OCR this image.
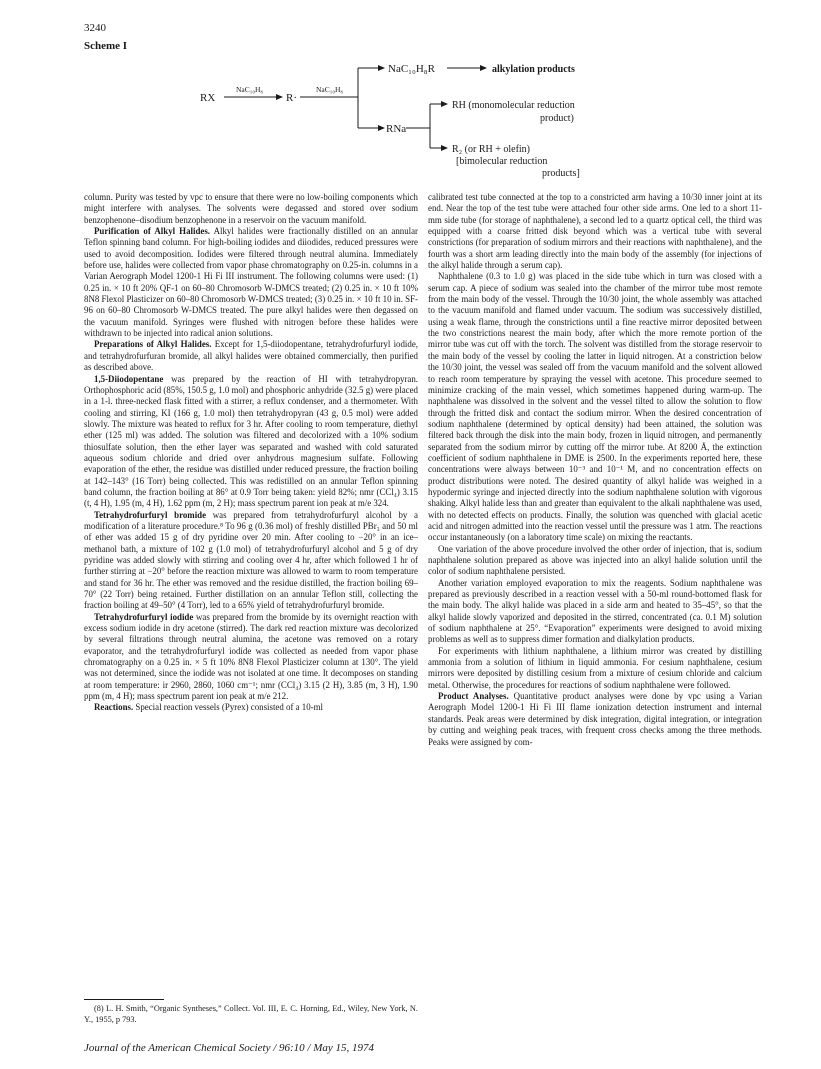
3240
Scheme I
RX
NaC₁₀H₈
R·
NaC₁₀H₈
NaC₁₀H₈R	alkylation products
RNa
RH (monomolecular reduction
product)
R₂ (or RH + olefin)
[bimolecular reduction
products]

column. Purity was tested by vpc to ensure that there were no low-boiling components which might interfere with analyses. The solvents were degassed and stored over sodium benzophenone–disodium benzophenone in a reservoir on the vacuum manifold.

Purification of Alkyl Halides. Alkyl halides were fractionally distilled on an annular Teflon spinning band column. For high-boiling iodides and diiodides, reduced pressures were used to avoid decomposition. Iodides were filtered through neutral alumina. Immediately before use, halides were collected from vapor phase chromatography on 0.25-in. columns in a Varian Aerograph Model 1200-1 Hi Fi III instrument. The following columns were used: (1) 0.25 in. × 10 ft 20% QF-1 on 60–80 Chromosorb W-DMCS treated; (2) 0.25 in. × 10 ft 10% 8N8 Flexol Plasticizer on 60–80 Chromosorb W-DMCS treated; (3) 0.25 in. × 10 ft 10 in. SF-96 on 60–80 Chromosorb W-DMCS treated. The pure alkyl halides were then degassed on the vacuum manifold. Syringes were flushed with nitrogen before these halides were withdrawn to be injected into radical anion solutions.

Preparations of Alkyl Halides. Except for 1,5-diiodopentane, tetrahydrofurfuryl iodide, and tetrahydrofurfuran bromide, all alkyl halides were obtained commercially, then purified as described above.

1,5-Diiodopentane was prepared by the reaction of HI with tetrahydropyran. Orthophosphoric acid (85%, 150.5 g, 1.0 mol) and phosphoric anhydride (32.5 g) were placed in a 1-l. three-necked flask fitted with a stirrer, a reflux condenser, and a thermometer. With cooling and stirring, KI (166 g, 1.0 mol) then tetrahydropyran (43 g, 0.5 mol) were added slowly. The mixture was heated to reflux for 3 hr. After cooling to room temperature, diethyl ether (125 ml) was added. The solution was filtered and decolorized with a 10% sodium thiosulfate solution, then the ether layer was separated and washed with cold saturated aqueous sodium chloride and dried over anhydrous magnesium sulfate. Following evaporation of the ether, the residue was distilled under reduced pressure, the fraction boiling at 142–143° (16 Torr) being collected. This was redistilled on an annular Teflon spinning band column, the fraction boiling at 86° at 0.9 Torr being taken: yield 82%; nmr (CCl₄) 3.15 (t, 4 H), 1.95 (m, 4 H), 1.62 ppm (m, 2 H); mass spectrum parent ion peak at m/e 324.

Tetrahydrofurfuryl bromide was prepared from tetrahydrofurfuryl alcohol by a modification of a literature procedure.⁸ To 96 g (0.36 mol) of freshly distilled PBr₃ and 50 ml of ether was added 15 g of dry pyridine over 20 min. After cooling to −20° in an ice–methanol bath, a mixture of 102 g (1.0 mol) of tetrahydrofurfuryl alcohol and 5 g of dry pyridine was added slowly with stirring and cooling over 4 hr, after which followed 1 hr of further stirring at −20° before the reaction mixture was allowed to warm to room temperature and stand for 36 hr. The ether was removed and the residue distilled, the fraction boiling 69–70° (22 Torr) being retained. Further distillation on an annular Teflon still, collecting the fraction boiling at 49–50° (4 Torr), led to a 65% yield of tetrahydrofurfuryl bromide.

Tetrahydrofurfuryl iodide was prepared from the bromide by its overnight reaction with excess sodium iodide in dry acetone (stirred). The dark red reaction mixture was decolorized by several filtrations through neutral alumina, the acetone was removed on a rotary evaporator, and the tetrahydrofurfuryl iodide was collected as needed from vapor phase chromatography on a 0.25 in. × 5 ft 10% 8N8 Flexol Plasticizer column at 130°. The yield was not determined, since the iodide was not isolated at one time. It decomposes on standing at room temperature: ir 2960, 2860, 1060 cm⁻¹; nmr (CCl₄) 3.15 (2 H), 3.85 (m, 3 H), 1.90 ppm (m, 4 H); mass spectrum parent ion peak at m/e 212.

Reactions. Special reaction vessels (Pyrex) consisted of a 10-ml

calibrated test tube connected at the top to a constricted arm having a 10/30 inner joint at its end. Near the top of the test tube were attached four other side arms. One led to a short 11-mm side tube (for storage of naphthalene), a second led to a quartz optical cell, the third was equipped with a coarse fritted disk beyond which was a vertical tube with several constrictions (for preparation of sodium mirrors and their reactions with naphthalene), and the fourth was a short arm leading directly into the main body of the assembly (for injections of the alkyl halide through a serum cap).

Naphthalene (0.3 to 1.0 g) was placed in the side tube which in turn was closed with a serum cap. A piece of sodium was sealed into the chamber of the mirror tube most remote from the main body of the vessel. Through the 10/30 joint, the whole assembly was attached to the vacuum manifold and flamed under vacuum. The sodium was successively distilled, using a weak flame, through the constrictions until a fine reactive mirror deposited between the two constrictions nearest the main body, after which the more remote portion of the mirror tube was cut off with the torch. The solvent was distilled from the storage reservoir to the main body of the vessel by cooling the latter in liquid nitrogen. At a constriction below the 10/30 joint, the vessel was sealed off from the vacuum manifold and the solvent allowed to reach room temperature by spraying the vessel with acetone. This procedure seemed to minimize cracking of the main vessel, which sometimes happened during warm-up. The naphthalene was dissolved in the solvent and the vessel tilted to allow the solution to flow through the fritted disk and contact the sodium mirror. When the desired concentration of sodium naphthalene (determined by optical density) had been attained, the solution was filtered back through the disk into the main body, frozen in liquid nitrogen, and permanently separated from the sodium mirror by cutting off the mirror tube. At 8200 Å, the extinction coefficient of sodium naphthalene in DME is 2500. In the experiments reported here, these concentrations were always between 10⁻³ and 10⁻¹ M, and no concentration effects on product distributions were noted. The desired quantity of alkyl halide was weighed in a hypodermic syringe and injected directly into the sodium naphthalene solution with vigorous shaking. Alkyl halide less than and greater than equivalent to the alkali naphthalene was used, with no detected effects on products. Finally, the solution was quenched with glacial acetic acid and nitrogen admitted into the reaction vessel until the pressure was 1 atm. The reactions occur instantaneously (on a laboratory time scale) on mixing the reactants.

One variation of the above procedure involved the other order of injection, that is, sodium naphthalene solution prepared as above was injected into an alkyl halide solution until the color of sodium naphthalene persisted.

Another variation employed evaporation to mix the reagents. Sodium naphthalene was prepared as previously described in a reaction vessel with a 50-ml round-bottomed flask for the main body. The alkyl halide was placed in a side arm and heated to 35–45°, so that the alkyl halide slowly vaporized and deposited in the stirred, concentrated (ca. 0.1 M) solution of sodium naphthalene at 25°. “Evaporation” experiments were designed to avoid mixing problems as well as to suppress dimer formation and dialkylation products.

For experiments with lithium naphthalene, a lithium mirror was created by distilling ammonia from a solution of lithium in liquid ammonia. For cesium naphthalene, cesium mirrors were deposited by distilling cesium from a mixture of cesium chloride and calcium metal. Otherwise, the procedures for reactions of sodium naphthalene were followed.

Product Analyses. Quantitative product analyses were done by vpc using a Varian Aerograph Model 1200-1 Hi Fi III flame ionization detection instrument and internal standards. Peak areas were determined by disk integration, digital integration, or integration by cutting and weighing peak traces, with frequent cross checks among the three methods. Peaks were assigned by com-

(8) L. H. Smith, “Organic Syntheses,” Collect. Vol. III, E. C. Horning, Ed., Wiley, New York, N. Y., 1955, p 793.
Journal of the American Chemical Society / 96:10 / May 15, 1974
